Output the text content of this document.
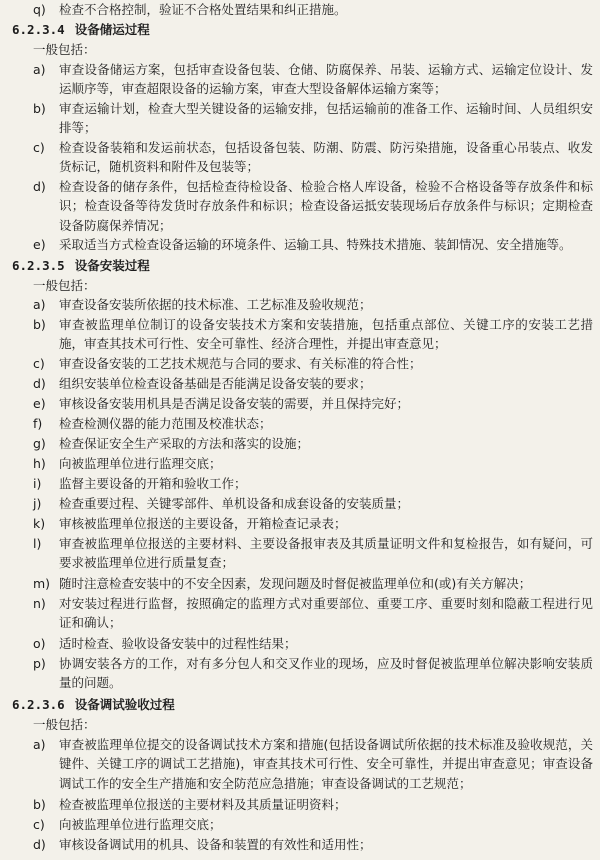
q) 检查不合格控制，验证不合格处置结果和纠正措施。
6.2.3.4 设备储运过程
一般包括：
a) 审查设备储运方案，包括审查设备包装、仓储、防腐保养、吊装、运输方式、运输定位设计、发运顺序等，审查超限设备的运输方案，审查大型设备解体运输方案等；
b) 审查运输计划，检查大型关键设备的运输安排，包括运输前的准备工作、运输时间、人员组织安排等；
c) 检查设备装箱和发运前状态，包括设备包装、防潮、防震、防污染措施，设备重心吊装点、收发货标记，随机资料和附件及包装等；
d) 检查设备的储存条件，包括检查待检设备、检验合格人库设备，检验不合格设备等存放条件和标识；检查设备等待发货时存放条件和标识；检查设备运抵安装现场后存放条件与标识；定期检查设备防腐保养情况；
e) 采取适当方式检查设备运输的环境条件、运输工具、特殊技术措施、装卸情况、安全措施等。
6.2.3.5 设备安装过程
一般包括：
a) 审查设备安装所依据的技术标准、工艺标准及验收规范；
b) 审查被监理单位制订的设备安装技术方案和安装措施，包括重点部位、关键工序的安装工艺措施，审查其技术可行性、安全可靠性、经济合理性，并提出审查意见；
c) 审查设备安装的工艺技术规范与合同的要求、有关标准的符合性；
d) 组织安装单位检查设备基础是否能满足设备安装的要求；
e) 审核设备安装用机具是否满足设备安装的需要，并且保持完好；
f) 检查检测仪器的能力范围及校准状态；
g) 检查保证安全生产采取的方法和落实的设施；
h) 向被监理单位进行监理交底；
i) 监督主要设备的开箱和验收工作；
j) 检查重要过程、关键零部件、单机设备和成套设备的安装质量；
k) 审核被监理单位报送的主要设备，开箱检查记录表；
l) 审查被监理单位报送的主要材料、主要设备报审表及其质量证明文件和复检报告，如有疑问，可要求被监理单位进行质量复查；
m) 随时注意检查安装中的不安全因素，发现问题及时督促被监理单位和(或)有关方解决；
n) 对安装过程进行监督，按照确定的监理方式对重要部位、重要工序、重要时刻和隐蔽工程进行见证和确认；
o) 适时检查、验收设备安装中的过程性结果；
p) 协调安装各方的工作，对有多分包人和交叉作业的现场，应及时督促被监理单位解决影响安装质量的问题。
6.2.3.6 设备调试验收过程
一般包括：
a) 审查被监理单位提交的设备调试技术方案和措施(包括设备调试所依据的技术标准及验收规范，关键件、关键工序的调试工艺措施)，审查其技术可行性、安全可靠性，并提出审查意见；审查设备调试工作的安全生产措施和安全防范应急措施；审查设备调试的工艺规范；
b) 检查被监理单位报送的主要材料及其质量证明资料；
c) 向被监理单位进行监理交底；
d) 审核设备调试用的机具、设备和装置的有效性和适用性；
